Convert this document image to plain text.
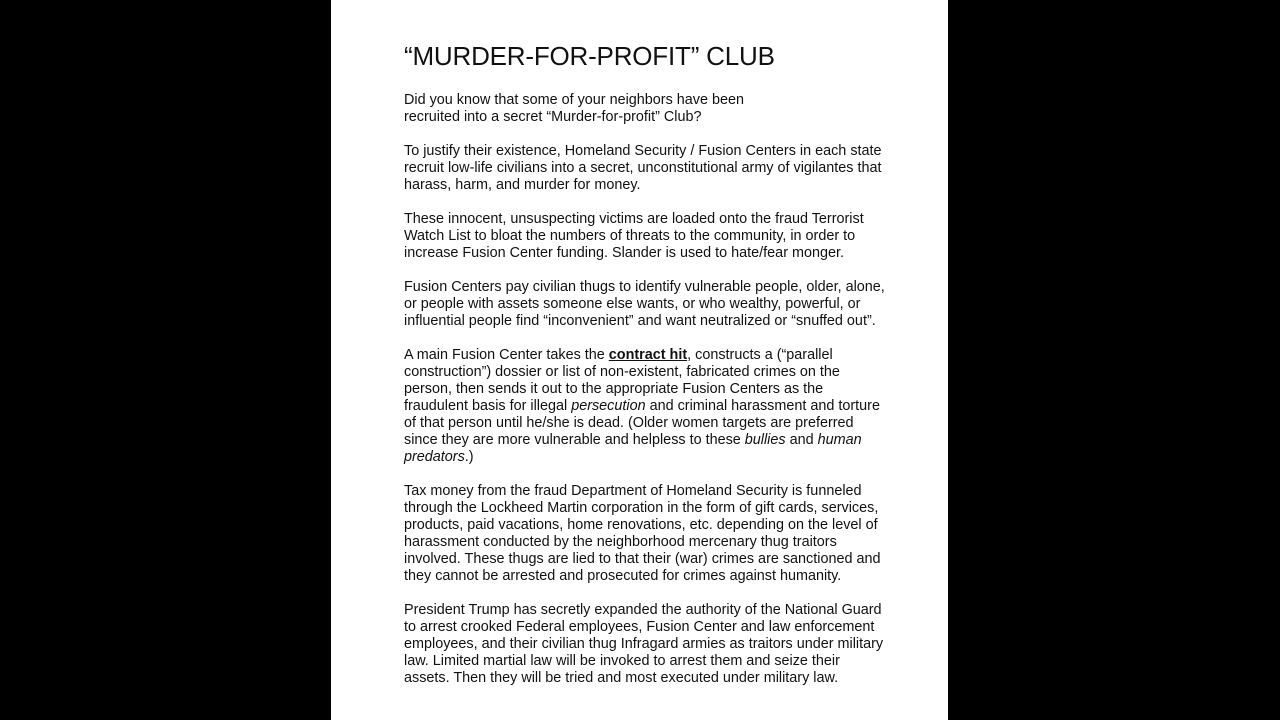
“MURDER-FOR-PROFIT” CLUB
Did you know that some of your neighbors have been
recruited into a secret “Murder-for-profit” Club?
To justify their existence, Homeland Security / Fusion Centers in each state
recruit low-life civilians into a secret, unconstitutional army of vigilantes that
harass, harm, and murder for money.
These innocent, unsuspecting victims are loaded onto the fraud Terrorist
Watch List to bloat the numbers of threats to the community, in order to
increase Fusion Center funding. Slander is used to hate/fear monger.
Fusion Centers pay civilian thugs to identify vulnerable people, older, alone,
or people with assets someone else wants, or who wealthy, powerful, or
influential people find “inconvenient” and want neutralized or “snuffed out”.
A main Fusion Center takes the contract hit, constructs a (“parallel
construction”) dossier or list of non-existent, fabricated crimes on the
person, then sends it out to the appropriate Fusion Centers as the
fraudulent basis for illegal persecution and criminal harassment and torture
of that person until he/she is dead. (Older women targets are preferred
since they are more vulnerable and helpless to these bullies and human
predators.)
Tax money from the fraud Department of Homeland Security is funneled
through the Lockheed Martin corporation in the form of gift cards, services,
products, paid vacations, home renovations, etc. depending on the level of
harassment conducted by the neighborhood mercenary thug traitors
involved. These thugs are lied to that their (war) crimes are sanctioned and
they cannot be arrested and prosecuted for crimes against humanity.
President Trump has secretly expanded the authority of the National Guard
to arrest crooked Federal employees, Fusion Center and law enforcement
employees, and their civilian thug Infragard armies as traitors under military
law. Limited martial law will be invoked to arrest them and seize their
assets. Then they will be tried and most executed under military law.
